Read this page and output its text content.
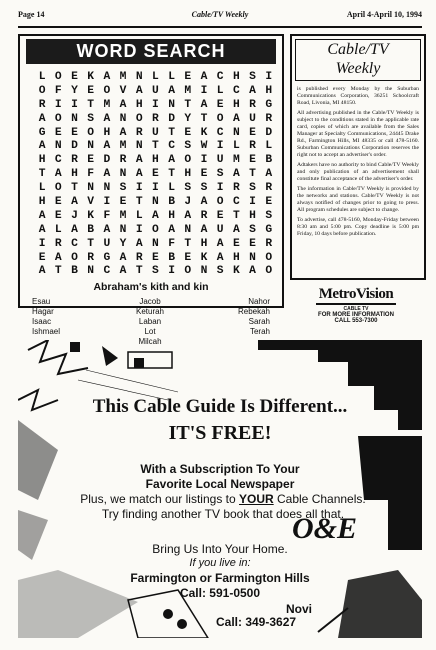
Page 14	Cable/TV Weekly	April 4-April 10, 1994
WORD SEARCH
L O E K A M N L L E A C H S I
O F Y E O V A U A M I L C A H
R I I T M A H I N T A E H R G
A O N S A N O R D Y T O A U R
G E E O H A R U T E K C N E D
A N D N A M N T C S W I L R L
H C R E D R A H A O I U M E B
T A H F A N A E T H E S A T A
L O T N N S I I L S S I R S R
H E A V I E T N B J A O C I E
A E J K F M L A H A R E T H S
A L A B A N I O A N A U A S G
I R C T U Y A N F T H A E E R
E A O R G A R E B E K A H N O
A T B N C A T S I O N S K A O
Abraham's kith and kin
Esau
Hagar
Isaac
Ishmael
Jacob
Keturah
Laban
Lot
Milcah
Nahor
Rebekah
Sarah
Terah
Cable/TV
Weekly

is published every Monday by the Suburban Communications Corporation, 36251 Schoolcraft Road, Livonia, MI 48150.

All advertising published in the Cable/TV Weekly is subject to the conditions stated in the applicable rate card, copies of which are available from the Sales Manager at Specialty Communications, 24445 Drake Rd., Farmington Hills, MI 48335 or call 478-5160. Suburban Communications Corporation reserves the right not to accept an advertiser's order.

Adtakers have no authority to bind Cable/TV Weekly and only publication of an advertisement shall constitute final acceptance of the advertiser's order.

The information in Cable/TV Weekly is provided by the networks and stations. Cable/TV Weekly is not always notified of changes prior to going to press. All program schedules are subject to change.

To advertise, call 478-5160, Monday-Friday between 8:30 am and 5:00 pm. Copy deadline is 5:00 pm Friday, 10 days before publication.

MetroVision
CABLE TV
FOR MORE INFORMATION
CALL 553-7300
This Cable Guide Is Different...
IT'S FREE!
With a Subscription To Your
Favorite Local Newspaper
Plus, we match our listings to YOUR Cable Channels. Try finding another TV book that does all that.
Bring Us Into Your Home.
If you live in:
Farmington or Farmington Hills
Call: 591-0500
Novi
Call: 349-3627
O&E
